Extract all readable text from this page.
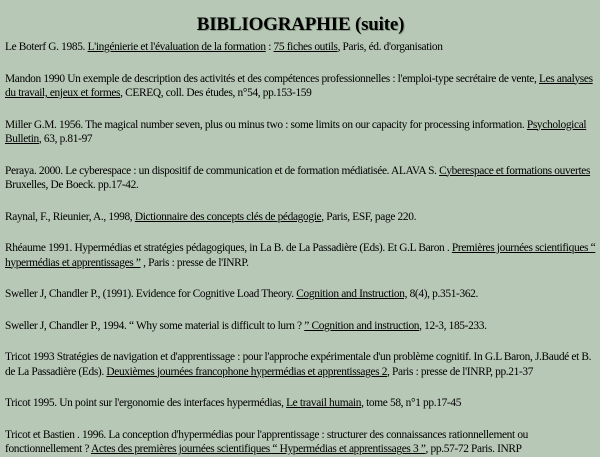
BIBLIOGRAPHIE (suite)
Le Boterf G. 1985. L'ingénierie et l'évaluation de la formation : 75 fiches outils, Paris, éd. d'organisation
Mandon 1990 Un exemple de description des activités et des compétences professionnelles : l'emploi-type secrétaire de vente, Les analyses du travail, enjeux et formes, CEREQ, coll. Des études, n°54, pp.153-159
Miller G.M. 1956. The magical number seven, plus ou minus two : some limits on our capacity for processing information. Psychological Bulletin, 63, p.81-97
Peraya. 2000. Le cyberespace : un dispositif de communication et de formation médiatisée. ALAVA S. Cyberespace et formations ouvertes Bruxelles, De Boeck. pp.17-42.
Raynal, F., Rieunier, A., 1998, Dictionnaire des concepts clés de pédagogie, Paris, ESF, page 220.
Rhéaume 1991. Hypermédias et stratégies pédagogiques, in La B. de La Passadière (Eds). Et G.L Baron . Premières journées scientifiques “ hypermédias et apprentissages ” , Paris : presse de l'INRP.
Sweller J, Chandler P., (1991). Evidence for Cognitive Load Theory. Cognition and Instruction, 8(4), p.351-362.
Sweller J, Chandler P., 1994. “ Why some material is difficult to lurn ? ” Cognition and instruction, 12-3, 185-233.
Tricot 1993 Stratégies de navigation et d'apprentissage : pour l'approche expérimentale d'un problème cognitif. In G.L Baron, J.Baudé et B. de La Passadière (Eds). Deuxièmes journées francophone hypermédias et apprentissages 2, Paris : presse de l'INRP, pp.21-37
Tricot 1995. Un point sur l'ergonomie des interfaces hypermédias, Le travail humain, tome 58, n°1 pp.17-45
Tricot et Bastien . 1996. La conception d'hypermédias pour l'apprentissage : structurer des connaissances rationnellement ou fonctionnellement ? Actes des premières journées scientifiques “ Hypermédias et apprentissages 3 ”, pp.57-72 Paris. INRP
